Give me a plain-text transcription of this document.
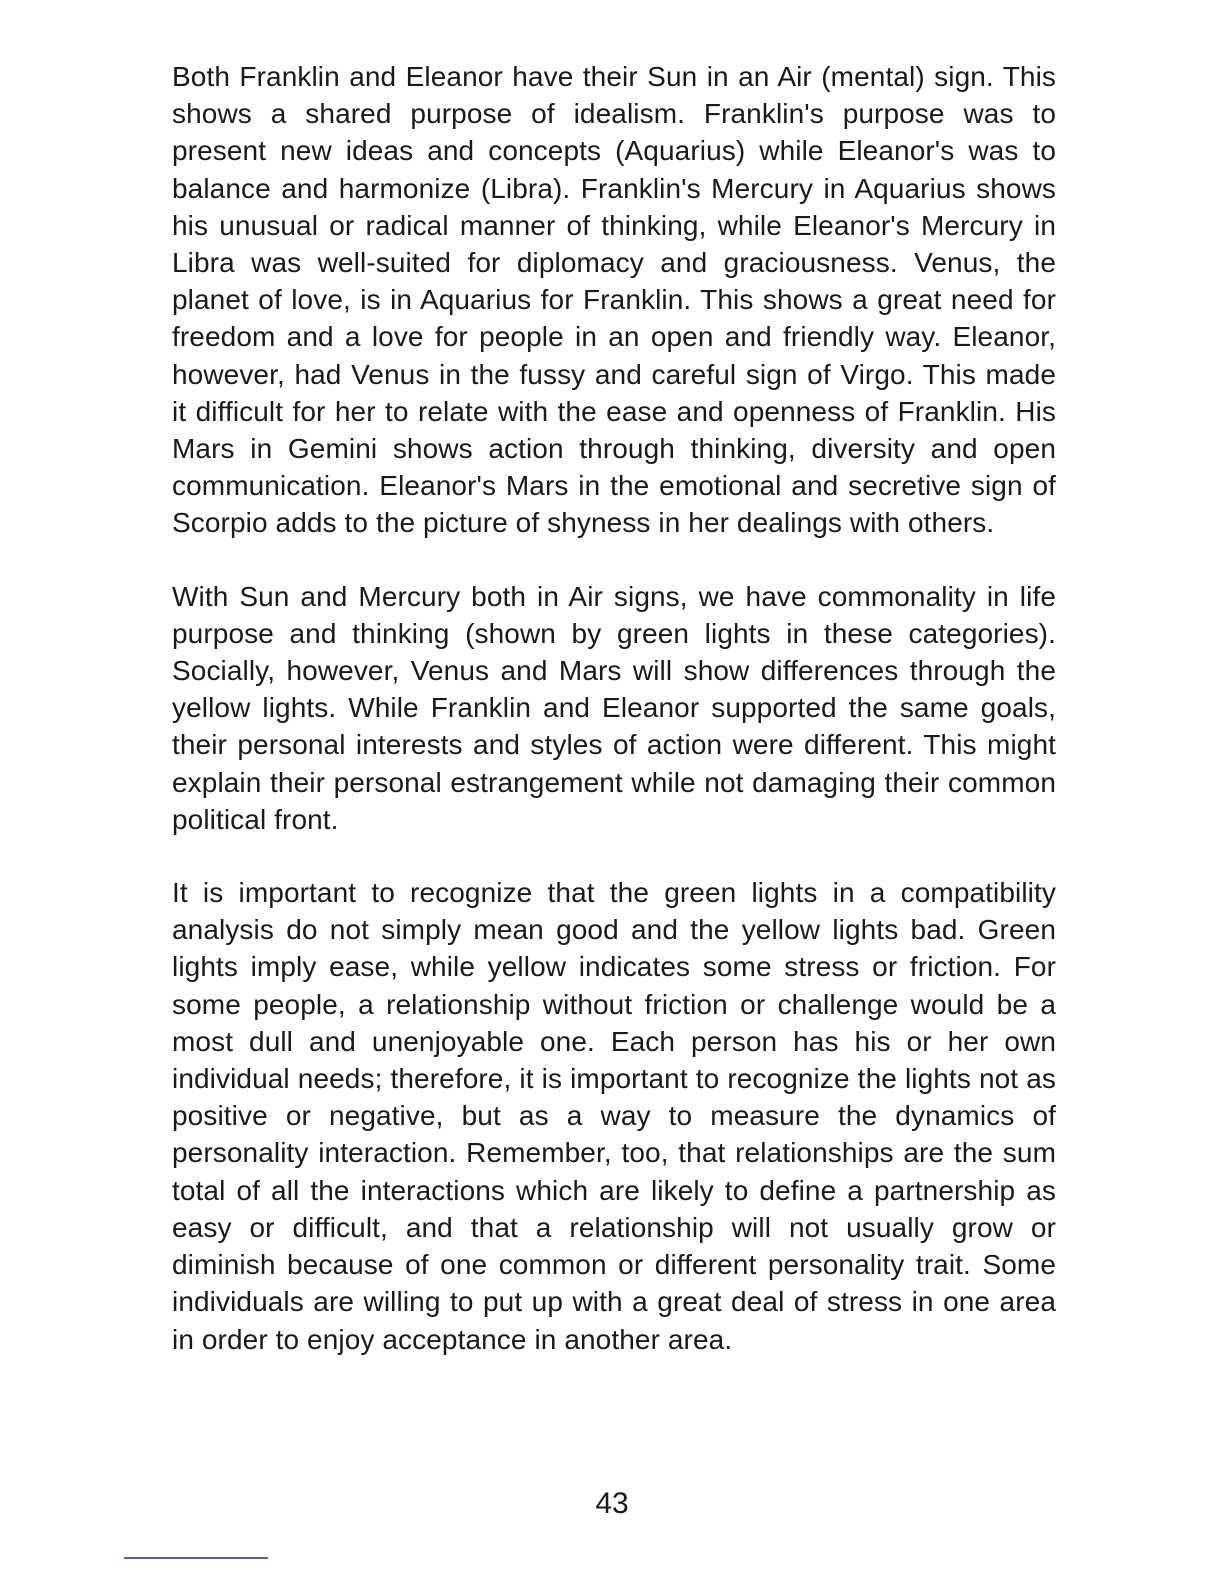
Both Franklin and Eleanor have their Sun in an Air (mental) sign. This shows a shared purpose of idealism. Franklin's purpose was to present new ideas and concepts (Aquarius) while Eleanor's was to balance and harmonize (Libra). Franklin's Mercury in Aquarius shows his unusual or radical manner of thinking, while Eleanor's Mercury in Libra was well-suited for diplomacy and graciousness. Venus, the planet of love, is in Aquarius for Franklin. This shows a great need for freedom and a love for people in an open and friendly way. Eleanor, however, had Venus in the fussy and careful sign of Virgo. This made it difficult for her to relate with the ease and openness of Franklin. His Mars in Gemini shows action through thinking, diversity and open communication. Eleanor's Mars in the emotional and secretive sign of Scorpio adds to the picture of shyness in her dealings with others.

With Sun and Mercury both in Air signs, we have commonality in life purpose and thinking (shown by green lights in these categories). Socially, however, Venus and Mars will show differences through the yellow lights. While Franklin and Eleanor supported the same goals, their personal interests and styles of action were different. This might explain their personal estrangement while not damaging their common political front.

It is important to recognize that the green lights in a compatibility analysis do not simply mean good and the yellow lights bad. Green lights imply ease, while yellow indicates some stress or friction. For some people, a relationship without friction or challenge would be a most dull and unenjoyable one. Each person has his or her own individual needs; therefore, it is important to recognize the lights not as positive or negative, but as a way to measure the dynamics of personality interaction. Remember, too, that relationships are the sum total of all the interactions which are likely to define a partnership as easy or difficult, and that a relationship will not usually grow or diminish because of one common or different personality trait. Some individuals are willing to put up with a great deal of stress in one area in order to enjoy acceptance in another area.

43
